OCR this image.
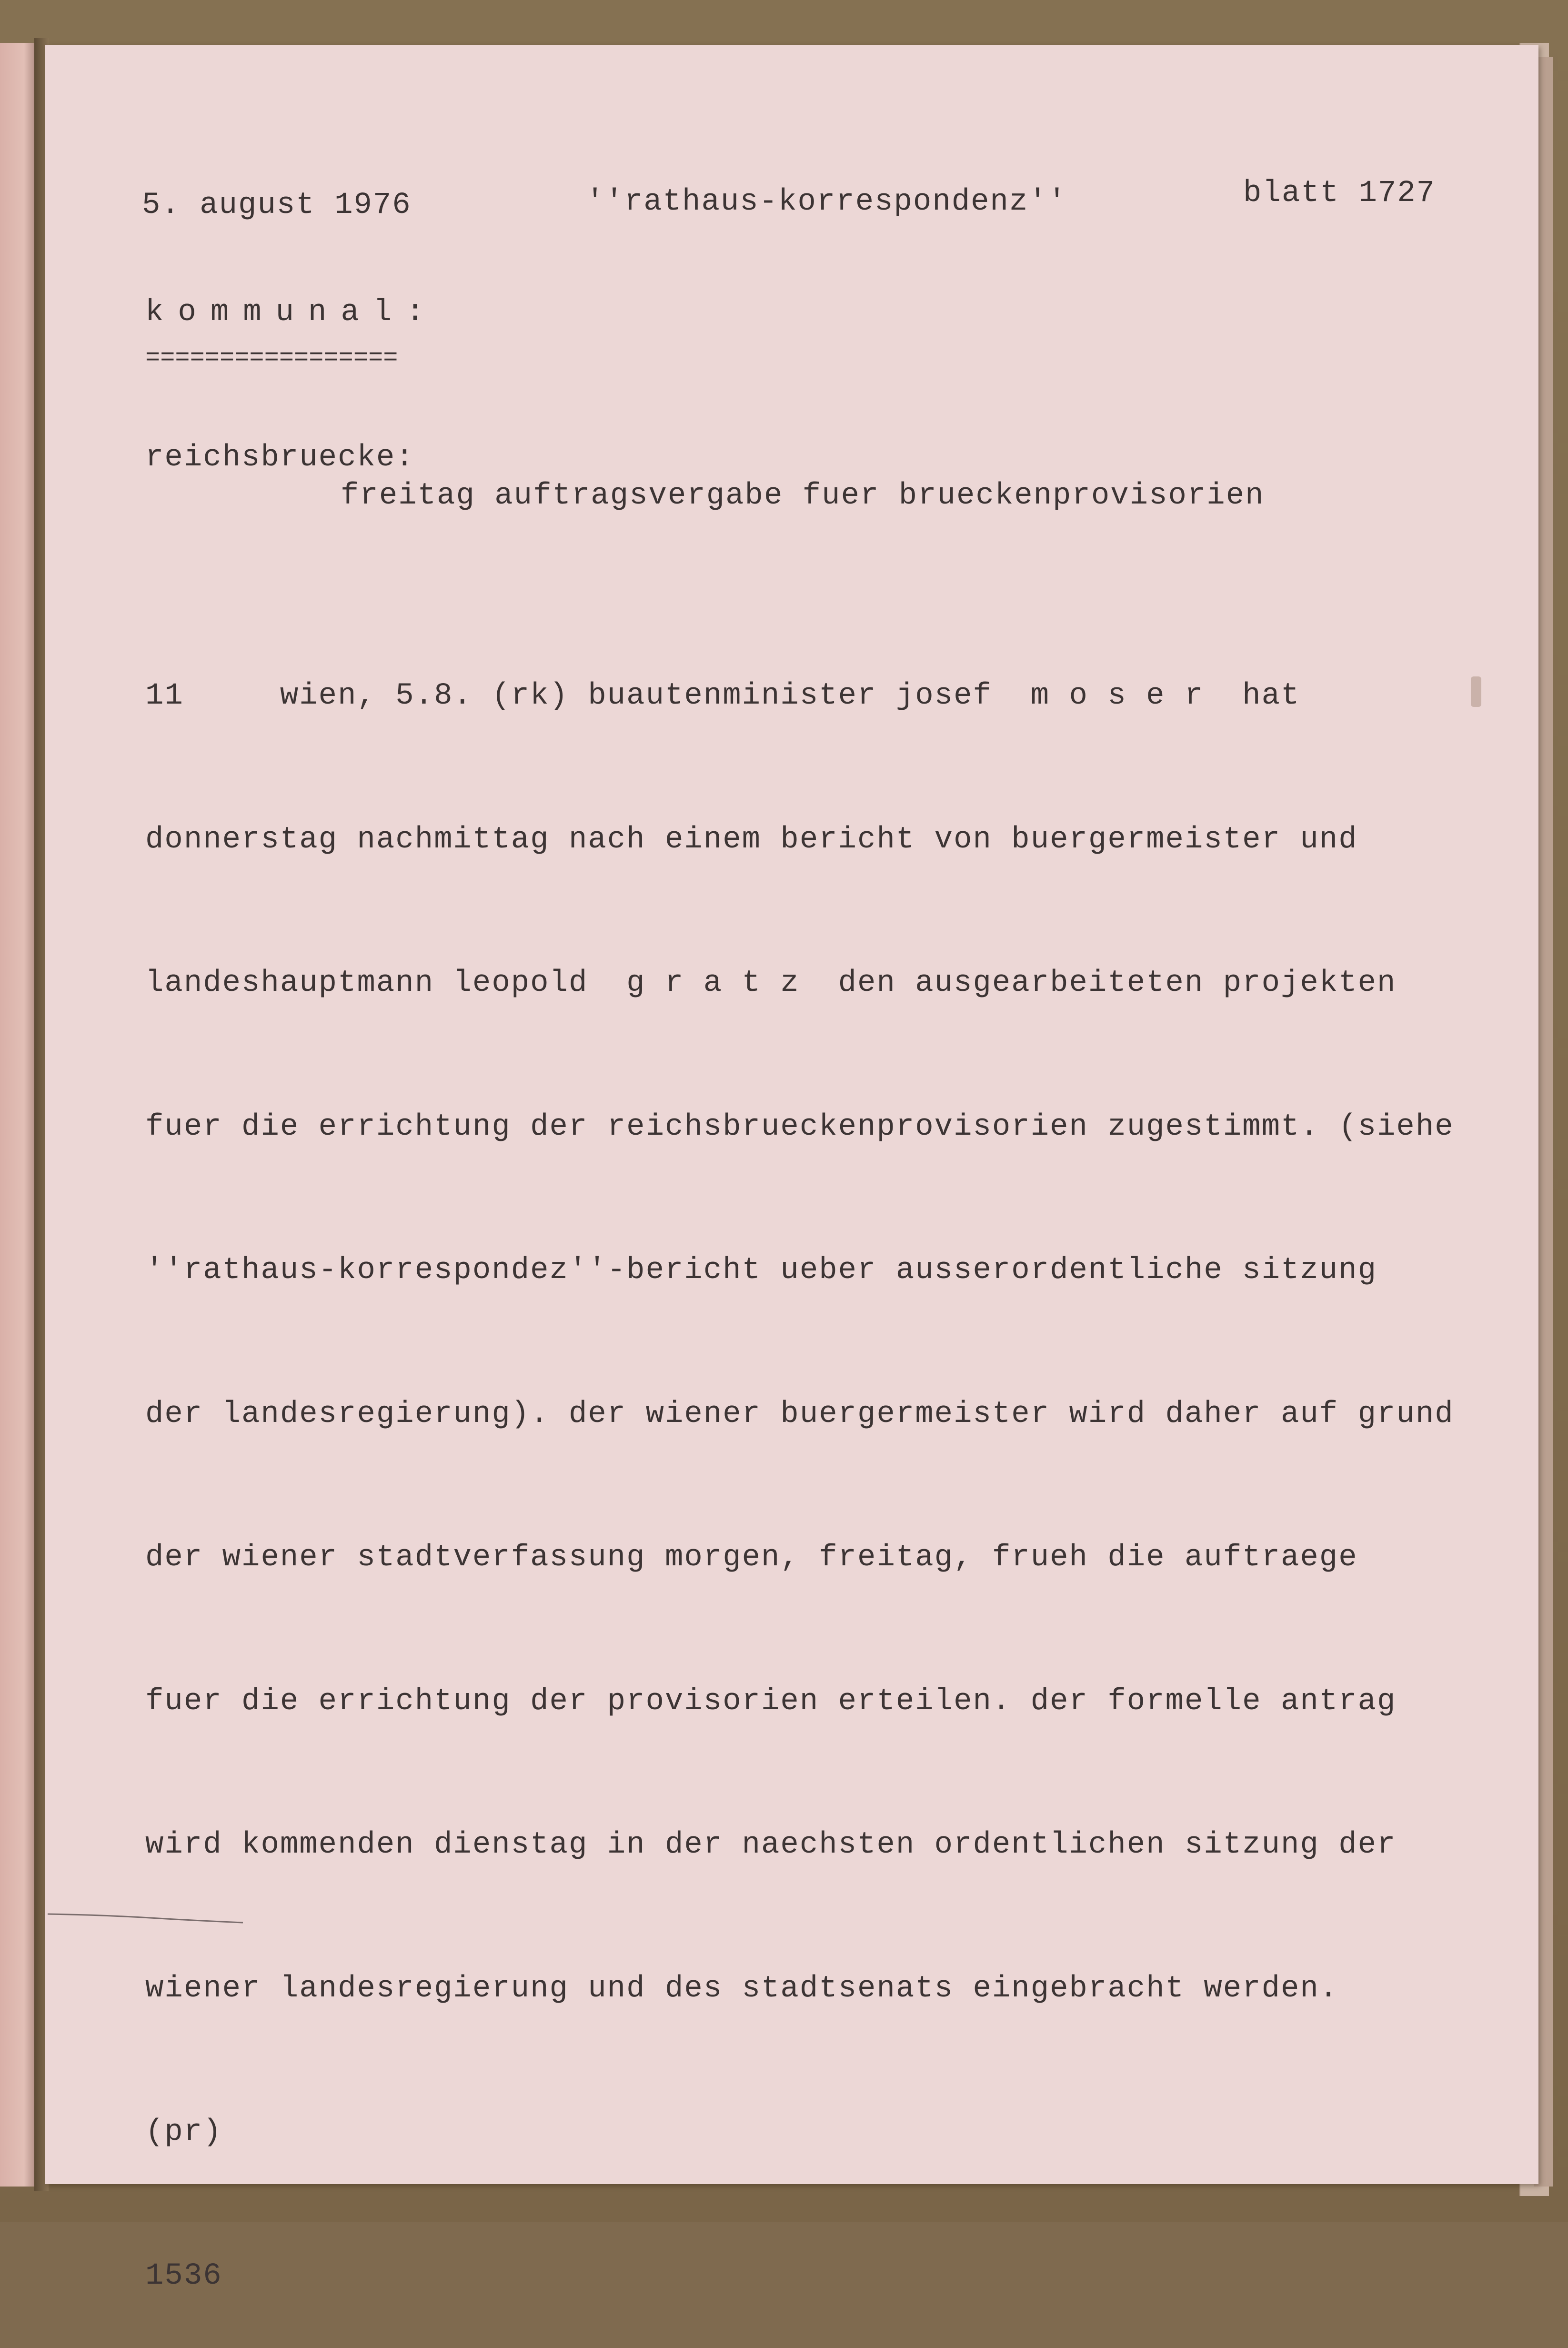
5. august 1976	''rathaus-korrespondenz''	blatt 1727
kommunal:
=================
reichsbruecke:
freitag auftragsvergabe fuer brueckenprovisorien

11     wien, 5.8. (rk) buautenminister josef  m o s e r  hat

donnerstag nachmittag nach einem bericht von buergermeister und

landeshauptmann leopold  g r a t z  den ausgearbeiteten projekten

fuer die errichtung der reichsbrueckenprovisorien zugestimmt. (siehe

''rathaus-korrespondez''-bericht ueber ausserordentliche sitzung

der landesregierung). der wiener buergermeister wird daher auf grund

der wiener stadtverfassung morgen, freitag, frueh die auftraege

fuer die errichtung der provisorien erteilen. der formelle antrag

wird kommenden dienstag in der naechsten ordentlichen sitzung der

wiener landesregierung und des stadtsenats eingebracht werden.

(pr)

1536
